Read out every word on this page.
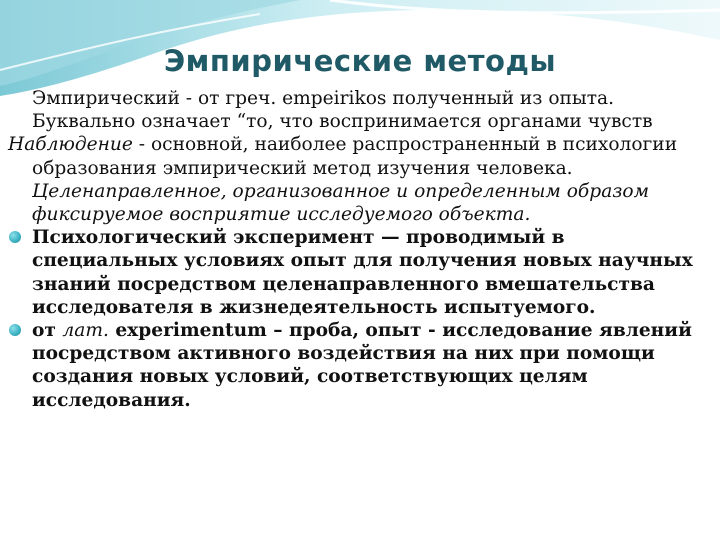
Эмпирические методы
Эмпирический - от греч. empeirikos полученный из опыта. Буквально означает “то, что воспринимается органами чувств
Наблюдение - основной, наиболее распространенный в психологии образования эмпирический метод изучения человека. Целенаправленное, организованное и определенным образом фиксируемое восприятие исследуемого объекта.
Психологический эксперимент — проводимый в специальных условиях опыт для получения новых научных знаний посредством целенаправленного вмешательства исследователя в жизнедеятельность испытуемого.
от лат. experimentum – проба, опыт - исследование явлений посредством активного воздействия на них при помощи создания новых условий, соответствующих целям исследования.
